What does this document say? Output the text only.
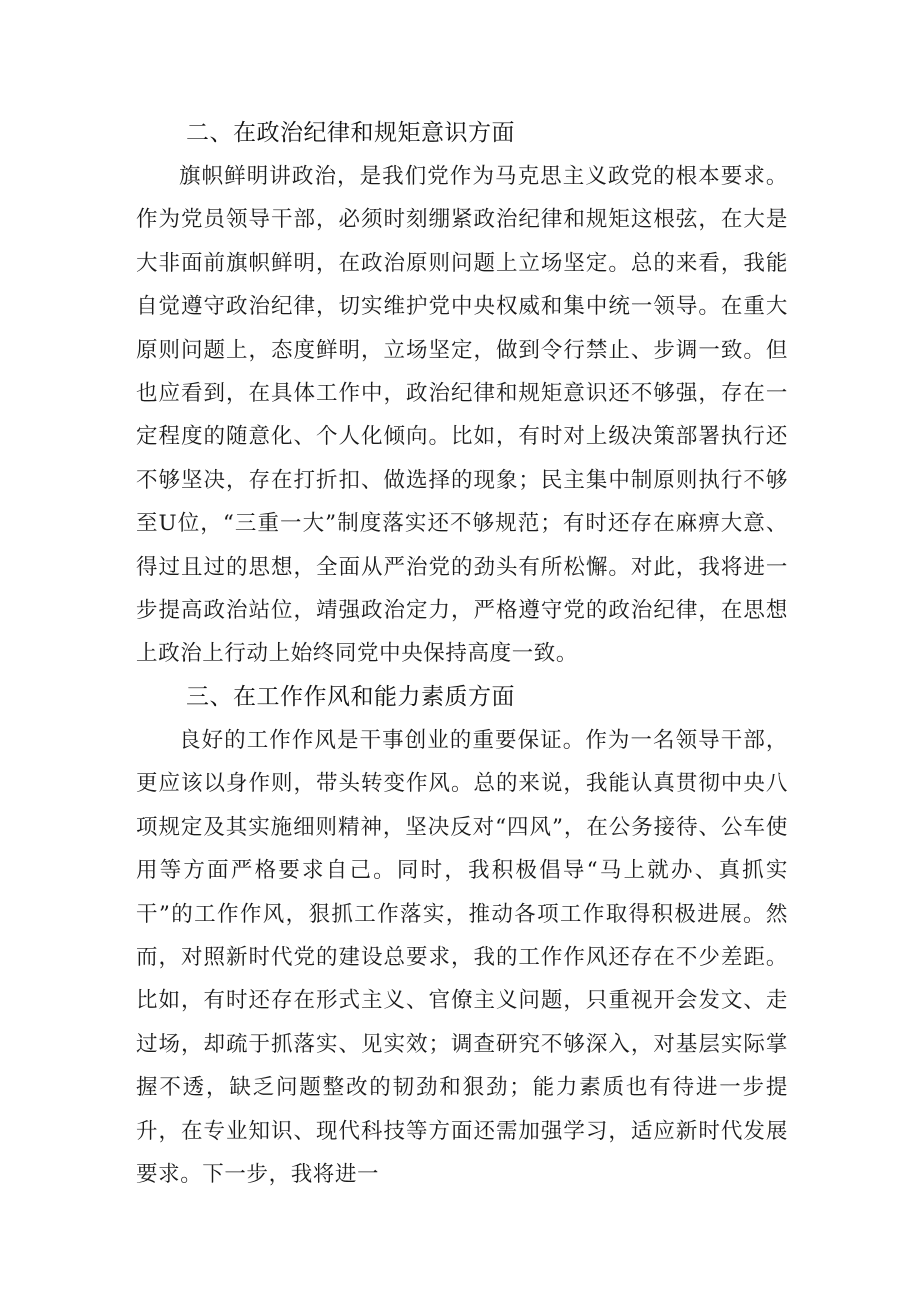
二、在政治纪律和规矩意识方面

旗帜鲜明讲政治，是我们党作为马克思主义政党的根本要求。作为党员领导干部，必须时刻绷紧政治纪律和规矩这根弦，在大是大非面前旗帜鲜明，在政治原则问题上立场坚定。总的来看，我能自觉遵守政治纪律，切实维护党中央权威和集中统一领导。在重大原则问题上，态度鲜明，立场坚定，做到令行禁止、步调一致。但也应看到，在具体工作中，政治纪律和规矩意识还不够强，存在一定程度的随意化、个人化倾向。比如，有时对上级决策部署执行还不够坚决，存在打折扣、做选择的现象；民主集中制原则执行不够至U位，“三重一大”制度落实还不够规范；有时还存在麻痹大意、得过且过的思想，全面从严治党的劲头有所松懈。对此，我将进一步提高政治站位，靖强政治定力，严格遵守党的政治纪律，在思想上政治上行动上始终同党中央保持高度一致。

三、在工作作风和能力素质方面

良好的工作作风是干事创业的重要保证。作为一名领导干部，更应该以身作则，带头转变作风。总的来说，我能认真贯彻中央八项规定及其实施细则精神，坚决反对“四风”，在公务接待、公车使用等方面严格要求自己。同时，我积极倡导“马上就办、真抓实干”的工作作风，狠抓工作落实，推动各项工作取得积极进展。然而，对照新时代党的建设总要求，我的工作作风还存在不少差距。比如，有时还存在形式主义、官僚主义问题，只重视开会发文、走过场，却疏于抓落实、见实效；调查研究不够深入，对基层实际掌握不透，缺乏问题整改的韧劲和狠劲；能力素质也有待进一步提升，在专业知识、现代科技等方面还需加强学习，适应新时代发展要求。下一步，我将进一
